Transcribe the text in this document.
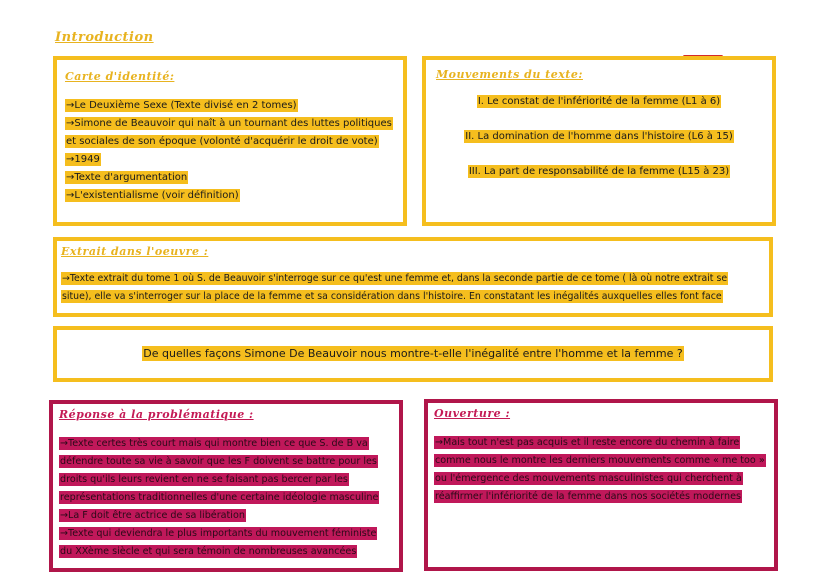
Introduction
Carte d'identité:
→Le Deuxième Sexe (Texte divisé en 2 tomes)
→Simone de Beauvoir qui naît à un tournant des luttes politiques
et sociales de son époque (volonté d'acquérir le droit de vote)
→1949
→Texte d'argumentation
→L'existentialisme (voir définition)
Mouvements du texte:
I. Le constat de l'infériorité de la femme (L1 à 6)
II. La domination de l'homme dans l'histoire (L6 à 15)
III. La part de responsabilité de la femme (L15 à 23)
Extrait dans l'oeuvre :
→Texte extrait du tome 1 où S. de Beauvoir s'interroge sur ce qu'est une femme et, dans la seconde partie de ce tome ( là où notre extrait se
situe), elle va s'interroger sur la place de la femme et sa considération dans l'histoire. En constatant les inégalités auxquelles elles font face
De quelles façons Simone De Beauvoir nous montre-t-elle l'inégalité entre l'homme et la femme ?
Réponse à la problématique :
→Texte certes très court mais qui montre bien ce que S. de B va
défendre toute sa vie à savoir que les F doivent se battre pour les
droits qu'ils leurs revient en ne se faisant pas bercer par les
représentations traditionnelles d'une certaine idéologie masculine
→La F doit être actrice de sa libération
→Texte qui deviendra le plus importants du mouvement féministe
du XXème siècle et qui sera témoin de nombreuses avancées
Ouverture :
→Mais tout n'est pas acquis et il reste encore du chemin à faire
comme nous le montre les derniers mouvements comme « me too »
ou l'émergence des mouvements masculinistes qui cherchent à
réaffirmer l'infériorité de la femme dans nos sociétés modernes
